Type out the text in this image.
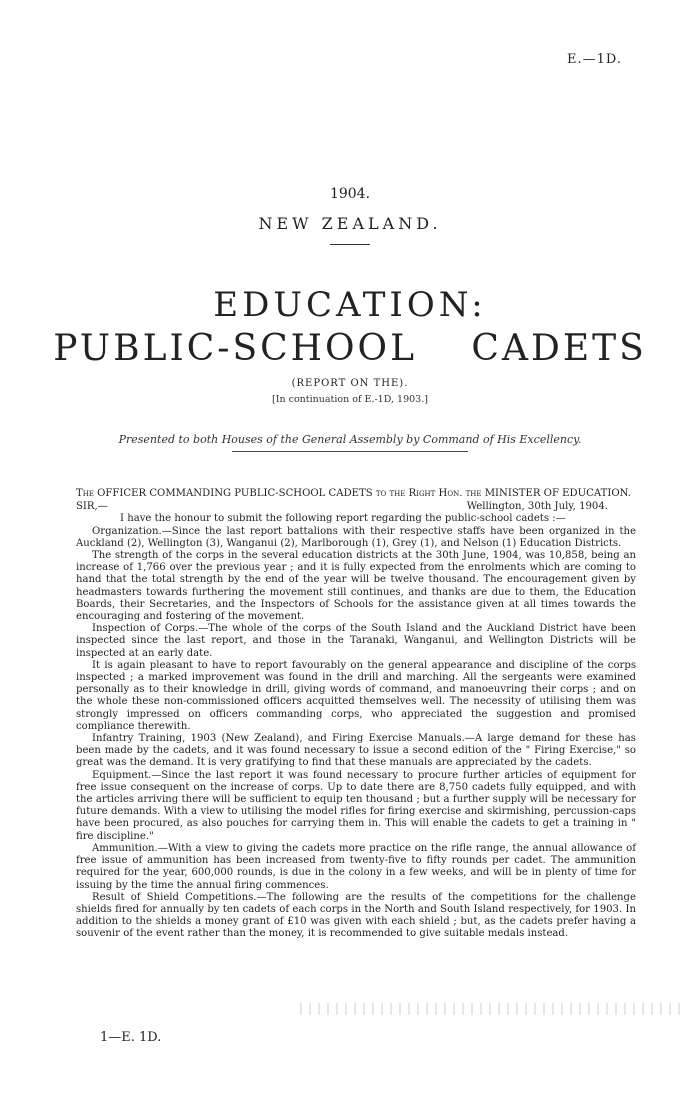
E.—1D.
1904.
NEW ZEALAND.
EDUCATION:
PUBLIC-SCHOOL CADETS
(REPORT ON THE).
[In continuation of E.-1D, 1903.]
Presented to both Houses of the General Assembly by Command of His Excellency.

The OFFICER COMMANDING PUBLIC-SCHOOL CADETS to the Right Hon. the MINISTER OF EDUCATION.

SIR,—	Wellington, 30th July, 1904.

I have the honour to submit the following report regarding the public-school cadets :—

Organization.—Since the last report battalions with their respective staffs have been organized in the Auckland (2), Wellington (3), Wanganui (2), Marlborough (1), Grey (1), and Nelson (1) Education Districts.

The strength of the corps in the several education districts at the 30th June, 1904, was 10,858, being an increase of 1,766 over the previous year ; and it is fully expected from the enrolments which are coming to hand that the total strength by the end of the year will be twelve thousand. The encouragement given by headmasters towards furthering the movement still continues, and thanks are due to them, the Education Boards, their Secretaries, and the Inspectors of Schools for the assistance given at all times towards the encouraging and fostering of the movement.

Inspection of Corps.—The whole of the corps of the South Island and the Auckland District have been inspected since the last report, and those in the Taranaki, Wanganui, and Wellington Districts will be inspected at an early date.

It is again pleasant to have to report favourably on the general appearance and discipline of the corps inspected ; a marked improvement was found in the drill and marching. All the sergeants were examined personally as to their knowledge in drill, giving words of command, and manoeuvring their corps ; and on the whole these non-commissioned officers acquitted themselves well. The necessity of utilising them was strongly impressed on officers commanding corps, who appreciated the suggestion and promised compliance therewith.

Infantry Training, 1903 (New Zealand), and Firing Exercise Manuals.—A large demand for these has been made by the cadets, and it was found necessary to issue a second edition of the " Firing Exercise," so great was the demand. It is very gratifying to find that these manuals are appreciated by the cadets.

Equipment.—Since the last report it was found necessary to procure further articles of equipment for free issue consequent on the increase of corps. Up to date there are 8,750 cadets fully equipped, and with the articles arriving there will be sufficient to equip ten thousand ; but a further supply will be necessary for future demands. With a view to utilising the model rifles for firing exercise and skirmishing, percussion-caps have been procured, as also pouches for carrying them in. This will enable the cadets to get a training in " fire discipline."

Ammunition.—With a view to giving the cadets more practice on the rifle range, the annual allowance of free issue of ammunition has been increased from twenty-five to fifty rounds per cadet. The ammunition required for the year, 600,000 rounds, is due in the colony in a few weeks, and will be in plenty of time for issuing by the time the annual firing commences.

Result of Shield Competitions.—The following are the results of the competitions for the challenge shields fired for annually by ten cadets of each corps in the North and South Island respectively, for 1903. In addition to the shields a money grant of £10 was given with each shield ; but, as the cadets prefer having a souvenir of the event rather than the money, it is recommended to give suitable medals instead.

1—E. 1D.
